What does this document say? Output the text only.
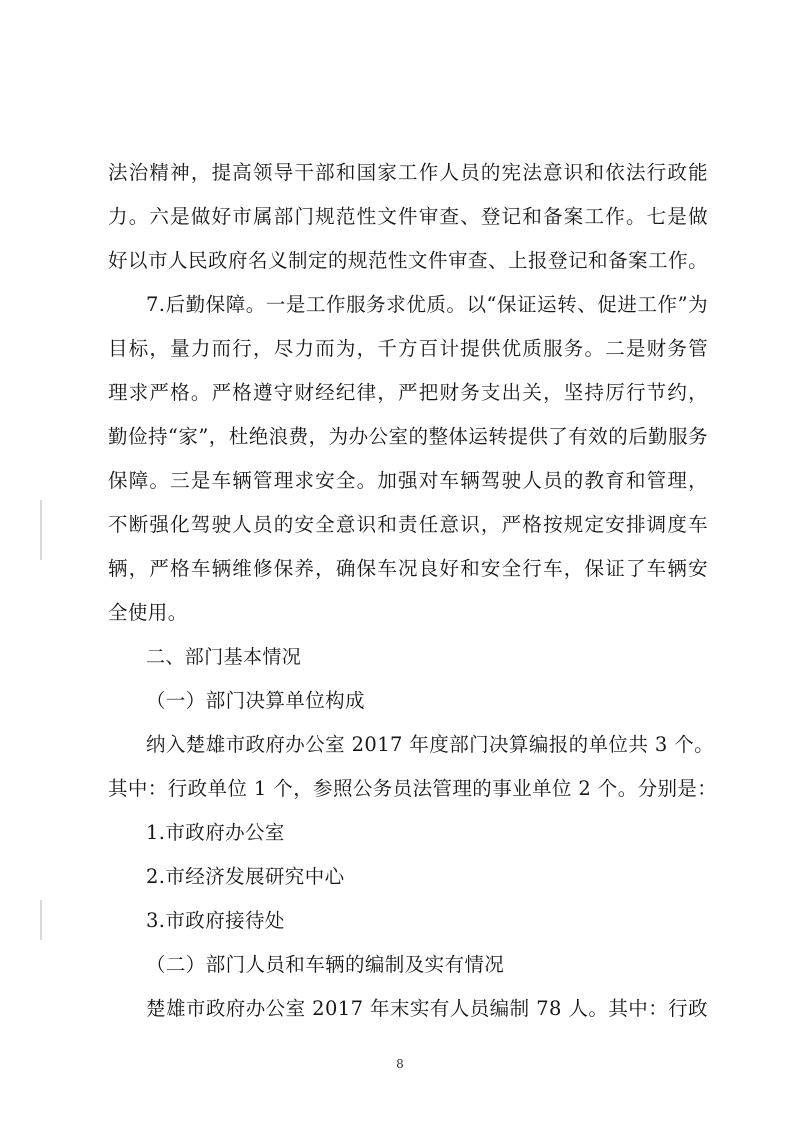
法治精神，提高领导干部和国家工作人员的宪法意识和依法行政能
力。六是做好市属部门规范性文件审查、登记和备案工作。七是做
好以市人民政府名义制定的规范性文件审查、上报登记和备案工作。
7.后勤保障。一是工作服务求优质。以“保证运转、促进工作”为
目标，量力而行，尽力而为，千方百计提供优质服务。二是财务管
理求严格。严格遵守财经纪律，严把财务支出关，坚持厉行节约，
勤俭持“家”，杜绝浪费，为办公室的整体运转提供了有效的后勤服务
保障。三是车辆管理求安全。加强对车辆驾驶人员的教育和管理，
不断强化驾驶人员的安全意识和责任意识，严格按规定安排调度车
辆，严格车辆维修保养，确保车况良好和安全行车，保证了车辆安
全使用。
二、部门基本情况
（一）部门决算单位构成
纳入楚雄市政府办公室 2017 年度部门决算编报的单位共 3 个。
其中：行政单位 1 个，参照公务员法管理的事业单位 2 个。分别是：
1.市政府办公室
2.市经济发展研究中心
3.市政府接待处
（二）部门人员和车辆的编制及实有情况
楚雄市政府办公室 2017 年末实有人员编制 78 人。其中：行政
8
